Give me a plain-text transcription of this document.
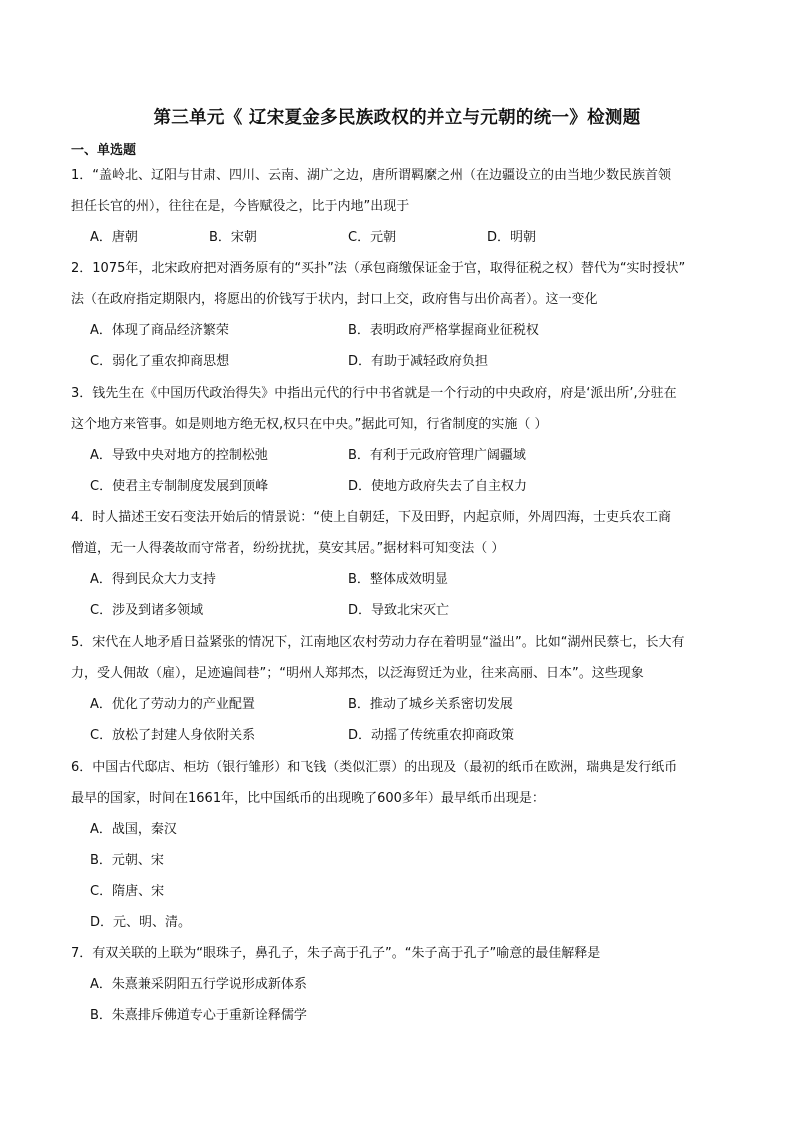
第三单元《 辽宋夏金多民族政权的并立与元朝的统一》检测题
一、单选题
1．“盖岭北、辽阳与甘肃、四川、云南、湖广之边，唐所谓羁縻之州（在边疆设立的由当地少数民族首领
担任长官的州），往往在是，今皆赋役之，比于内地”出现于
A．唐朝	B．宋朝	C．元朝	D．明朝
2．1075年，北宋政府把对酒务原有的“买扑”法（承包商缴保证金于官，取得征税之权）替代为“实时授状”
法（在政府指定期限内，将愿出的价钱写于状内，封口上交，政府售与出价高者）。这一变化
A．体现了商品经济繁荣	B．表明政府严格掌握商业征税权
C．弱化了重农抑商思想	D．有助于减轻政府负担
3．钱先生在《中国历代政治得失》中指出元代的行中书省就是一个行动的中央政府，府是‘派出所’,分驻在
这个地方来管事。如是则地方绝无权,权只在中央。”据此可知，行省制度的实施（ ）
A．导致中央对地方的控制松弛	B．有利于元政府管理广阔疆域
C．使君主专制制度发展到顶峰	D．使地方政府失去了自主权力
4．时人描述王安石变法开始后的情景说：“使上自朝廷，下及田野，内起京师，外周四海，士吏兵农工商
僧道，无一人得袭故而守常者，纷纷扰扰，莫安其居。”据材料可知变法（ ）
A．得到民众大力支持	B．整体成效明显
C．涉及到诸多领域	D．导致北宋灭亡
5．宋代在人地矛盾日益紧张的情况下，江南地区农村劳动力存在着明显“溢出”。比如“湖州民蔡七，长大有
力，受人佣故（雇），足迹遍闾巷”；“明州人郑邦杰，以泛海贸迁为业，往来高丽、日本”。这些现象
A．优化了劳动力的产业配置	B．推动了城乡关系密切发展
C．放松了封建人身依附关系	D．动摇了传统重农抑商政策
6．中国古代邸店、柜坊（银行雏形）和飞钱（类似汇票）的出现及（最初的纸币在欧洲，瑞典是发行纸币
最早的国家，时间在1661年，比中国纸币的出现晚了600多年）最早纸币出现是：
A．战国，秦汉
B．元朝、宋
C．隋唐、宋
D．元、明、清。
7．有双关联的上联为“眼珠子，鼻孔子，朱子高于孔子”。“朱子高于孔子”喻意的最佳解释是
A．朱熹兼采阴阳五行学说形成新体系
B．朱熹排斥佛道专心于重新诠释儒学
